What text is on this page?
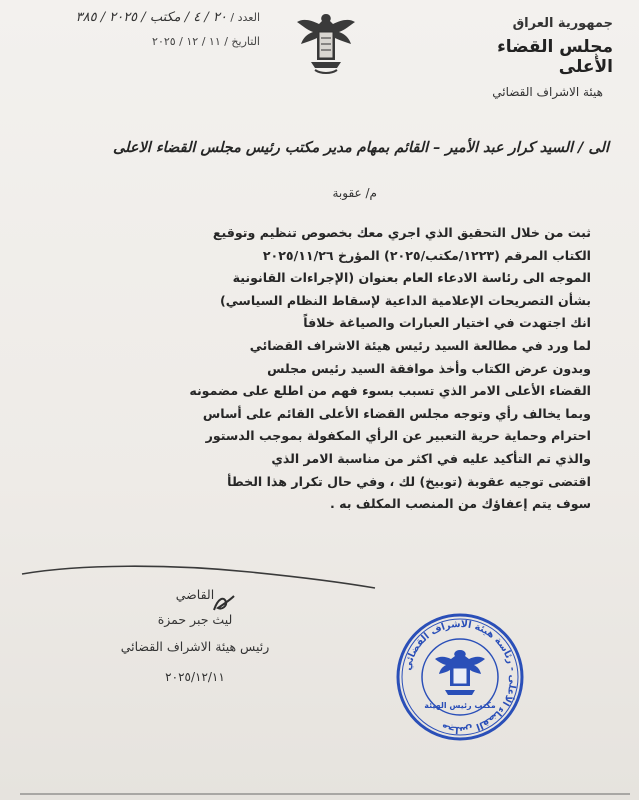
جمهورية العراق
مجلس القضاء الأعلى
هيئة الاشراف القضائي
العدد / ٢٠ / ٤ / مكتب / ٢٠٢٥ / ٣٨٥
التاريخ / ١١ / ١٢ / ٢٠٢٥
الى / السيد كرار عبد الأمير – القائم بمهام مدير مكتب رئيس مجلس القضاء الاعلى
م/ عقوبة

ثبت من خلال التحقيق الذي اجري معك بخصوص تنظيم وتوقيع

الكتاب المرقم (١٢٢٣/مكتب/٢٠٢٥) المؤرخ ٢٠٢٥/١١/٢٦

الموجه الى رئاسة الادعاء العام بعنوان (الإجراءات القانونية

بشأن التصريحات الإعلامية الداعية لإسقاط النظام السياسي)

انك اجتهدت في اختيار العبارات والصياغة خلافاً

لما ورد في مطالعة السيد رئيس هيئة الاشراف القضائي

وبدون عرض الكتاب وأخذ موافقة السيد رئيس مجلس

القضاء الأعلى الامر الذي تسبب بسوء فهم من اطلع على مضمونه

وبما يخالف رأي وتوجه مجلس القضاء الأعلى القائم على أساس

احترام وحماية حرية التعبير عن الرأي المكفولة بموجب الدستور

والذي تم التأكيد عليه في اكثر من مناسبة الامر الذي

اقتضى توجيه عقوبة (توبيخ) لك ، وفي حال تكرار هذا الخطأ

سوف يتم إعفاؤك من المنصب المكلف به .

القاضي

ليث جبر حمزة

رئيس هيئة الاشراف القضائي

٢٠٢٥/١٢/١١

مجلس القضاء الأعلى - رئاسة هيئة الاشراف القضائي
مكتب رئيس الهيئة
